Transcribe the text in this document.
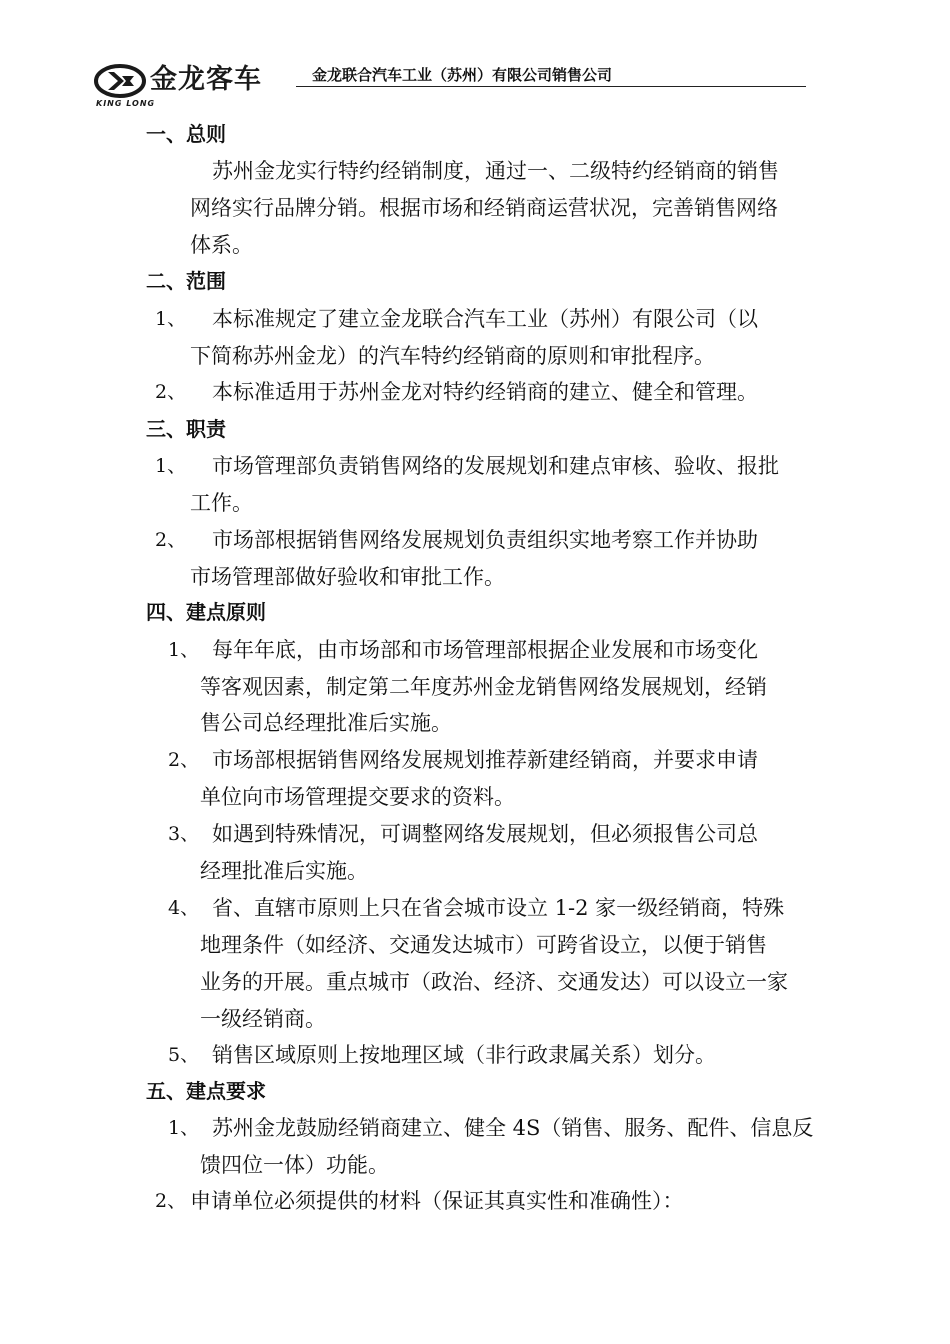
金龙客车
KING LONG
金龙联合汽车工业（苏州）有限公司销售公司
一、总则
苏州金龙实行特约经销制度，通过一、二级特约经销商的销售
网络实行品牌分销。根据市场和经销商运营状况，完善销售网络
体系。
二、范围
1、 本标准规定了建立金龙联合汽车工业（苏州）有限公司（以
下简称苏州金龙）的汽车特约经销商的原则和审批程序。
2、 本标准适用于苏州金龙对特约经销商的建立、健全和管理。
三、职责
1、 市场管理部负责销售网络的发展规划和建点审核、验收、报批
工作。
2、 市场部根据销售网络发展规划负责组织实地考察工作并协助
市场管理部做好验收和审批工作。
四、建点原则
1、 每年年底，由市场部和市场管理部根据企业发展和市场变化
等客观因素，制定第二年度苏州金龙销售网络发展规划，经销
售公司总经理批准后实施。
2、 市场部根据销售网络发展规划推荐新建经销商，并要求申请
单位向市场管理提交要求的资料。
3、 如遇到特殊情况，可调整网络发展规划，但必须报售公司总
经理批准后实施。
4、 省、直辖市原则上只在省会城市设立 1-2 家一级经销商，特殊
地理条件（如经济、交通发达城市）可跨省设立，以便于销售
业务的开展。重点城市（政治、经济、交通发达）可以设立一家
一级经销商。
5、 销售区域原则上按地理区域（非行政隶属关系）划分。
五、建点要求
1、 苏州金龙鼓励经销商建立、健全 4S（销售、服务、配件、信息反
馈四位一体）功能。
2、 申请单位必须提供的材料（保证其真实性和准确性）：
